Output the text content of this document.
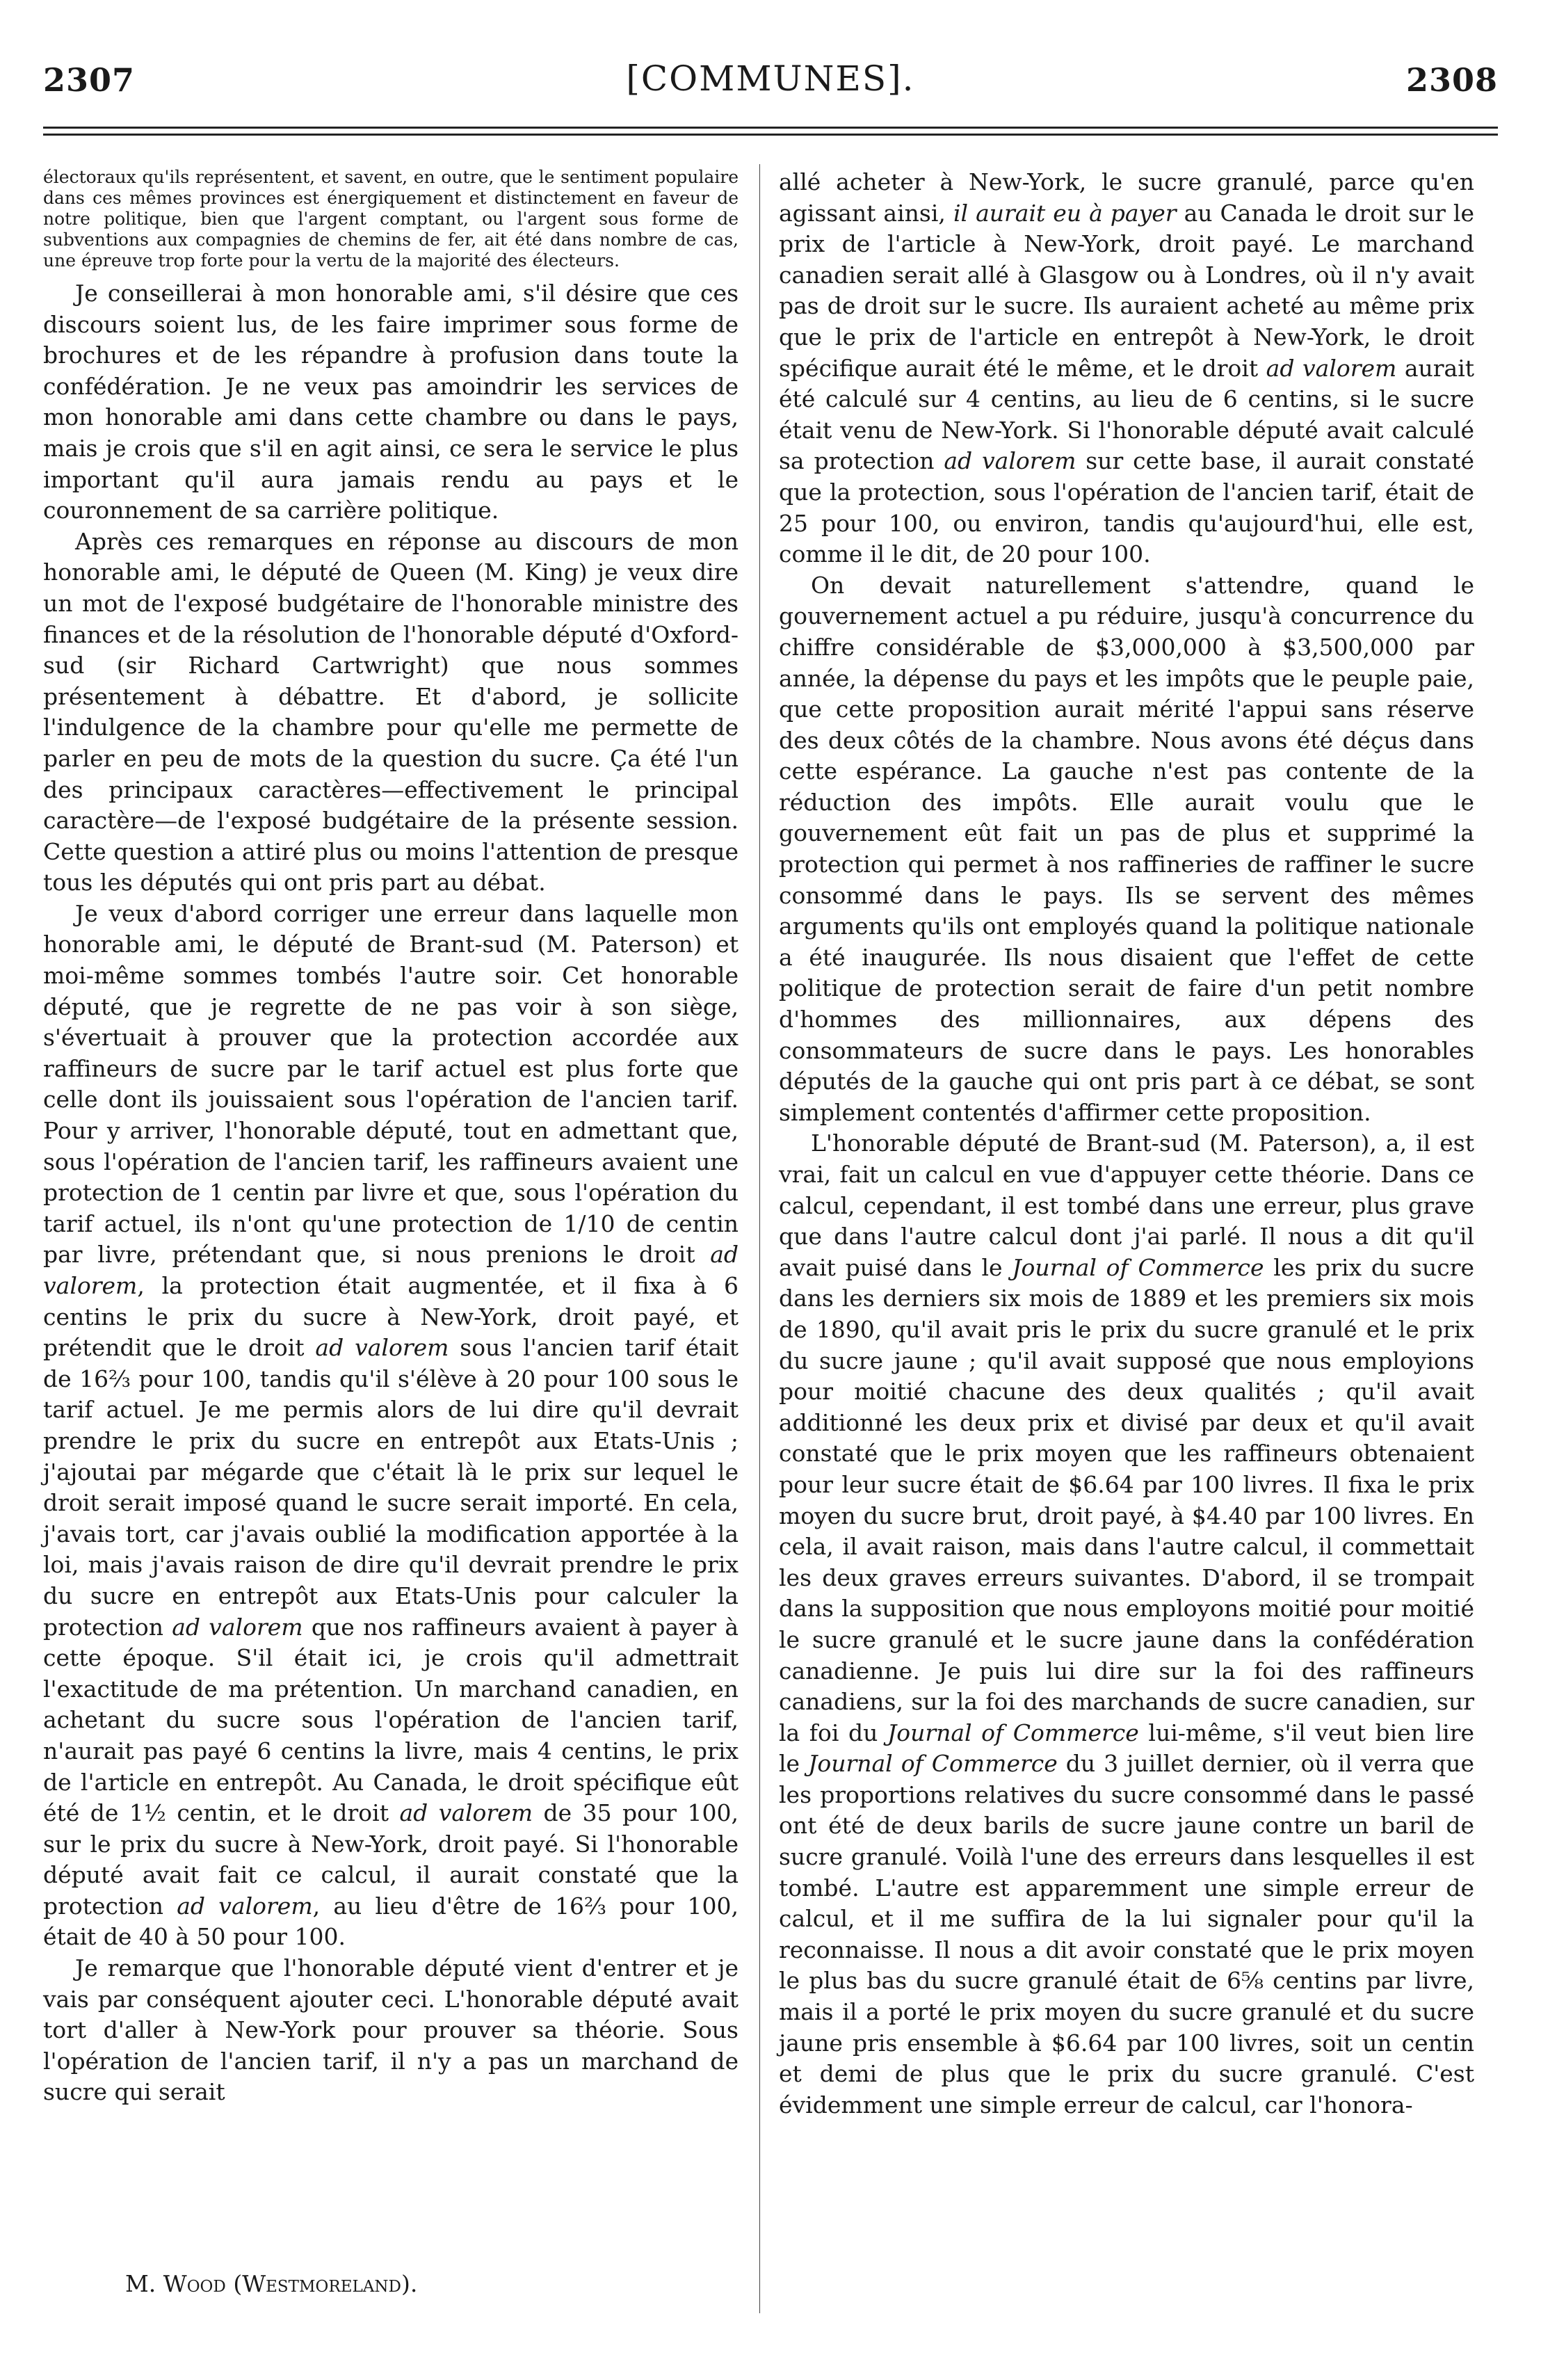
2307	[COMMUNES].	2308

électoraux qu'ils représentent, et savent, en outre, que le sentiment populaire dans ces mêmes provinces est énergiquement et distinctement en faveur de notre politique, bien que l'argent comptant, ou l'argent sous forme de subventions aux compagnies de chemins de fer, ait été dans nombre de cas, une épreuve trop forte pour la vertu de la majorité des électeurs.

Je conseillerai à mon honorable ami, s'il désire que ces discours soient lus, de les faire imprimer sous forme de brochures et de les répandre à profusion dans toute la confédération. Je ne veux pas amoindrir les services de mon honorable ami dans cette chambre ou dans le pays, mais je crois que s'il en agit ainsi, ce sera le service le plus important qu'il aura jamais rendu au pays et le couronnement de sa carrière politique.

Après ces remarques en réponse au discours de mon honorable ami, le député de Queen (M. King) je veux dire un mot de l'exposé budgétaire de l'honorable ministre des finances et de la résolution de l'honorable député d'Oxford-sud (sir Richard Cartwright) que nous sommes présentement à débattre. Et d'abord, je sollicite l'indulgence de la chambre pour qu'elle me permette de parler en peu de mots de la question du sucre. Ça été l'un des principaux caractères—effectivement le principal caractère—de l'exposé budgétaire de la présente session. Cette question a attiré plus ou moins l'attention de presque tous les députés qui ont pris part au débat.

Je veux d'abord corriger une erreur dans laquelle mon honorable ami, le député de Brant-sud (M. Paterson) et moi-même sommes tombés l'autre soir. Cet honorable député, que je regrette de ne pas voir à son siège, s'évertuait à prouver que la protection accordée aux raffineurs de sucre par le tarif actuel est plus forte que celle dont ils jouissaient sous l'opération de l'ancien tarif. Pour y arriver, l'honorable député, tout en admettant que, sous l'opération de l'ancien tarif, les raffineurs avaient une protection de 1 centin par livre et que, sous l'opération du tarif actuel, ils n'ont qu'une protection de 1/10 de centin par livre, prétendant que, si nous prenions le droit ad valorem, la protection était augmentée, et il fixa à 6 centins le prix du sucre à New-York, droit payé, et prétendit que le droit ad valorem sous l'ancien tarif était de 16⅔ pour 100, tandis qu'il s'élève à 20 pour 100 sous le tarif actuel. Je me permis alors de lui dire qu'il devrait prendre le prix du sucre en entrepôt aux Etats-Unis ; j'ajoutai par mégarde que c'était là le prix sur lequel le droit serait imposé quand le sucre serait importé. En cela, j'avais tort, car j'avais oublié la modification apportée à la loi, mais j'avais raison de dire qu'il devrait prendre le prix du sucre en entrepôt aux Etats-Unis pour calculer la protection ad valorem que nos raffineurs avaient à payer à cette époque. S'il était ici, je crois qu'il admettrait l'exactitude de ma prétention. Un marchand canadien, en achetant du sucre sous l'opération de l'ancien tarif, n'aurait pas payé 6 centins la livre, mais 4 centins, le prix de l'article en entrepôt. Au Canada, le droit spécifique eût été de 1½ centin, et le droit ad valorem de 35 pour 100, sur le prix du sucre à New-York, droit payé. Si l'honorable député avait fait ce calcul, il aurait constaté que la protection ad valorem, au lieu d'être de 16⅔ pour 100, était de 40 à 50 pour 100.

Je remarque que l'honorable député vient d'entrer et je vais par conséquent ajouter ceci. L'honorable député avait tort d'aller à New-York pour prouver sa théorie. Sous l'opération de l'ancien tarif, il n'y a pas un marchand de sucre qui serait

M. Wood (Westmoreland).

allé acheter à New-York, le sucre granulé, parce qu'en agissant ainsi, il aurait eu à payer au Canada le droit sur le prix de l'article à New-York, droit payé. Le marchand canadien serait allé à Glasgow ou à Londres, où il n'y avait pas de droit sur le sucre. Ils auraient acheté au même prix que le prix de l'article en entrepôt à New-York, le droit spécifique aurait été le même, et le droit ad valorem aurait été calculé sur 4 centins, au lieu de 6 centins, si le sucre était venu de New-York. Si l'honorable député avait calculé sa protection ad valorem sur cette base, il aurait constaté que la protection, sous l'opération de l'ancien tarif, était de 25 pour 100, ou environ, tandis qu'aujourd'hui, elle est, comme il le dit, de 20 pour 100.

On devait naturellement s'attendre, quand le gouvernement actuel a pu réduire, jusqu'à concurrence du chiffre considérable de $3,000,000 à $3,500,000 par année, la dépense du pays et les impôts que le peuple paie, que cette proposition aurait mérité l'appui sans réserve des deux côtés de la chambre. Nous avons été déçus dans cette espérance. La gauche n'est pas contente de la réduction des impôts. Elle aurait voulu que le gouvernement eût fait un pas de plus et supprimé la protection qui permet à nos raffineries de raffiner le sucre consommé dans le pays. Ils se servent des mêmes arguments qu'ils ont employés quand la politique nationale a été inaugurée. Ils nous disaient que l'effet de cette politique de protection serait de faire d'un petit nombre d'hommes des millionnaires, aux dépens des consommateurs de sucre dans le pays. Les honorables députés de la gauche qui ont pris part à ce débat, se sont simplement contentés d'affirmer cette proposition.

L'honorable député de Brant-sud (M. Paterson), a, il est vrai, fait un calcul en vue d'appuyer cette théorie. Dans ce calcul, cependant, il est tombé dans une erreur, plus grave que dans l'autre calcul dont j'ai parlé. Il nous a dit qu'il avait puisé dans le Journal of Commerce les prix du sucre dans les derniers six mois de 1889 et les premiers six mois de 1890, qu'il avait pris le prix du sucre granulé et le prix du sucre jaune ; qu'il avait supposé que nous employions pour moitié chacune des deux qualités ; qu'il avait additionné les deux prix et divisé par deux et qu'il avait constaté que le prix moyen que les raffineurs obtenaient pour leur sucre était de $6.64 par 100 livres. Il fixa le prix moyen du sucre brut, droit payé, à $4.40 par 100 livres. En cela, il avait raison, mais dans l'autre calcul, il commettait les deux graves erreurs suivantes. D'abord, il se trompait dans la supposition que nous employons moitié pour moitié le sucre granulé et le sucre jaune dans la confédération canadienne. Je puis lui dire sur la foi des raffineurs canadiens, sur la foi des marchands de sucre canadien, sur la foi du Journal of Commerce lui-même, s'il veut bien lire le Journal of Commerce du 3 juillet dernier, où il verra que les proportions relatives du sucre consommé dans le passé ont été de deux barils de sucre jaune contre un baril de sucre granulé. Voilà l'une des erreurs dans lesquelles il est tombé. L'autre est apparemment une simple erreur de calcul, et il me suffira de la lui signaler pour qu'il la reconnaisse. Il nous a dit avoir constaté que le prix moyen le plus bas du sucre granulé était de 6⅝ centins par livre, mais il a porté le prix moyen du sucre granulé et du sucre jaune pris ensemble à $6.64 par 100 livres, soit un centin et demi de plus que le prix du sucre granulé. C'est évidemment une simple erreur de calcul, car l'honora-
